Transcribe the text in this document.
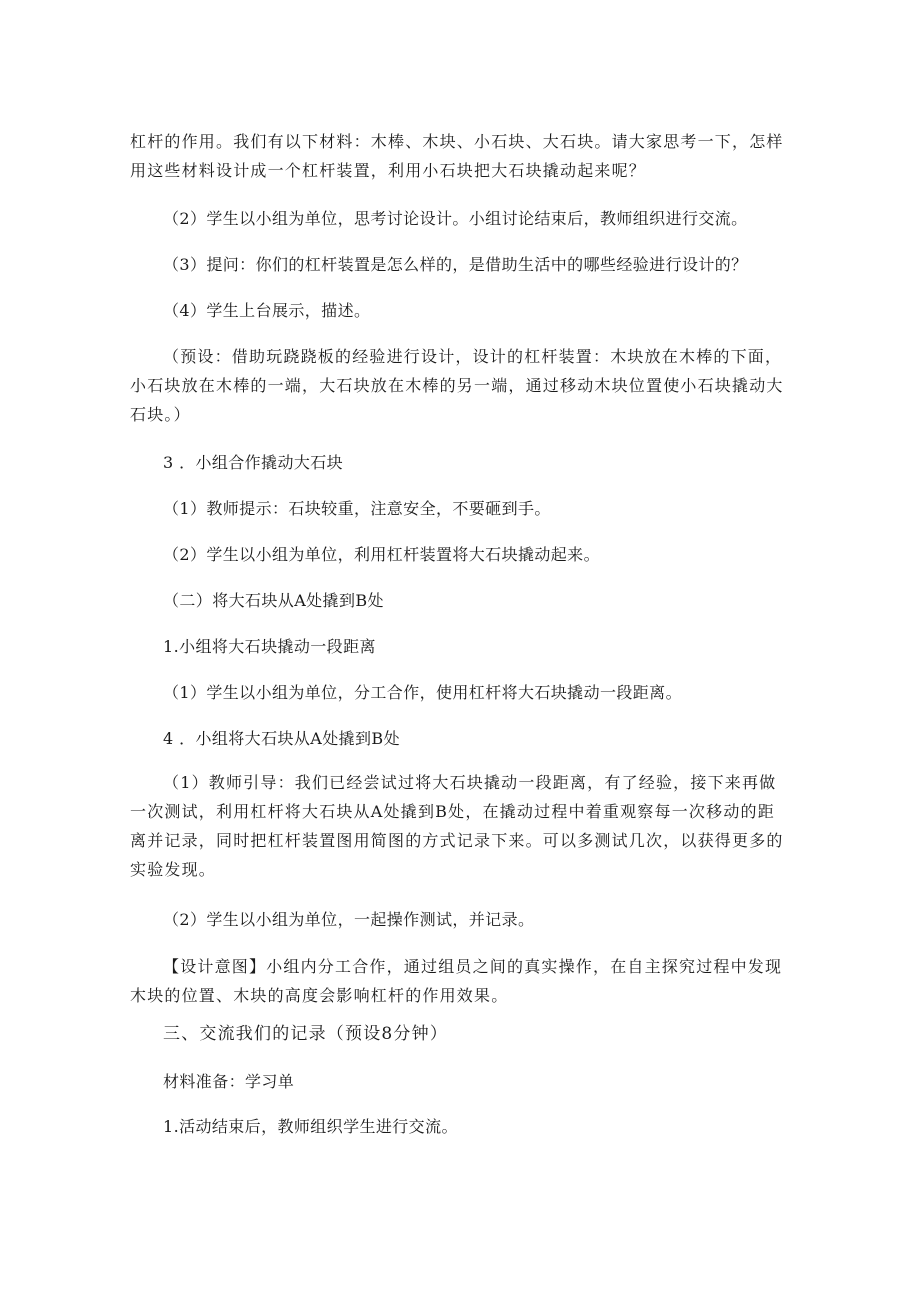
杠杆的作用。我们有以下材料：木棒、木块、小石块、大石块。请大家思考一下，怎样用这些材料设计成一个杠杆装置，利用小石块把大石块撬动起来呢？
（2）学生以小组为单位，思考讨论设计。小组讨论结束后，教师组织进行交流。
（3）提问：你们的杠杆装置是怎么样的，是借助生活中的哪些经验进行设计的？
（4）学生上台展示，描述。
（预设：借助玩跷跷板的经验进行设计，设计的杠杆装置：木块放在木棒的下面，小石块放在木棒的一端，大石块放在木棒的另一端，通过移动木块位置使小石块撬动大石块。）
3 ．小组合作撬动大石块
（1）教师提示：石块较重，注意安全，不要砸到手。
（2）学生以小组为单位，利用杠杆装置将大石块撬动起来。
（二）将大石块从A处撬到B处
1.小组将大石块撬动一段距离
（1）学生以小组为单位，分工合作，使用杠杆将大石块撬动一段距离。
4 ．小组将大石块从A处撬到B处
（1）教师引导：我们已经尝试过将大石块撬动一段距离，有了经验，接下来再做一次测试，利用杠杆将大石块从A处撬到B处，在撬动过程中着重观察每一次移动的距离并记录，同时把杠杆装置图用简图的方式记录下来。可以多测试几次，以获得更多的实验发现。
（2）学生以小组为单位，一起操作测试，并记录。
【设计意图】小组内分工合作，通过组员之间的真实操作，在自主探究过程中发现木块的位置、木块的高度会影响杠杆的作用效果。
三、交流我们的记录（预设8分钟）
材料准备：学习单
1.活动结束后，教师组织学生进行交流。
